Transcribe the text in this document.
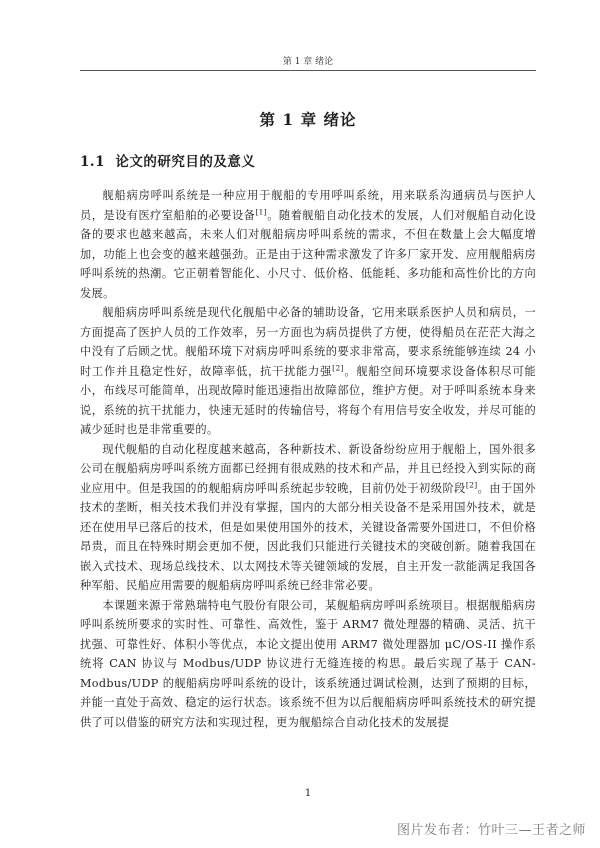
第 1 章 绪论
第 1 章 绪论
1.1 论文的研究目的及意义

舰船病房呼叫系统是一种应用于舰船的专用呼叫系统，用来联系沟通病员与医护人员，是设有医疗室船舶的必要设备[1]。随着舰船自动化技术的发展，人们对舰船自动化设备的要求也越来越高，未来人们对舰船病房呼叫系统的需求，不但在数量上会大幅度增加，功能上也会变的越来越强劲。正是由于这种需求激发了许多厂家开发、应用舰船病房呼叫系统的热潮。它正朝着智能化、小尺寸、低价格、低能耗、多功能和高性价比的方向发展。

舰船病房呼叫系统是现代化舰船中必备的辅助设备，它用来联系医护人员和病员，一方面提高了医护人员的工作效率，另一方面也为病员提供了方便，使得船员在茫茫大海之中没有了后顾之忧。舰船环境下对病房呼叫系统的要求非常高，要求系统能够连续 24 小时工作并且稳定性好，故障率低，抗干扰能力强[2]。舰船空间环境要求设备体积尽可能小，布线尽可能简单，出现故障时能迅速指出故障部位，维护方便。对于呼叫系统本身来说，系统的抗干扰能力，快速无延时的传输信号，将每个有用信号安全收发，并尽可能的减少延时也是非常重要的。

现代舰船的自动化程度越来越高，各种新技术、新设备纷纷应用于舰船上，国外很多公司在舰船病房呼叫系统方面都已经拥有很成熟的技术和产品，并且已经投入到实际的商业应用中。但是我国的的舰船病房呼叫系统起步较晚，目前仍处于初级阶段[2]。由于国外技术的垄断，相关技术我们并没有掌握，国内的大部分相关设备不是采用国外技术，就是还在使用早已落后的技术，但是如果使用国外的技术，关键设备需要外国进口，不但价格昂贵，而且在特殊时期会更加不便，因此我们只能进行关键技术的突破创新。随着我国在嵌入式技术、现场总线技术、以太网技术等关键领域的发展，自主开发一款能满足我国各种军船、民船应用需要的舰船病房呼叫系统已经非常必要。

本课题来源于常熟瑞特电气股份有限公司，某舰船病房呼叫系统项目。根据舰船病房呼叫系统所要求的实时性、可靠性、高效性，鉴于 ARM7 微处理器的精确、灵活、抗干扰强、可靠性好、体积小等优点，本论文提出使用 ARM7 微处理器加 μC/OS-II 操作系统将 CAN 协议与 Modbus/UDP 协议进行无缝连接的构思。最后实现了基于 CAN-Modbus/UDP 的舰船病房呼叫系统的设计，该系统通过调试检测，达到了预期的目标，并能一直处于高效、稳定的运行状态。该系统不但为以后舰船病房呼叫系统技术的研究提供了可以借鉴的研究方法和实现过程，更为舰船综合自动化技术的发展提

1
图片发布者：竹叶三—王者之师
